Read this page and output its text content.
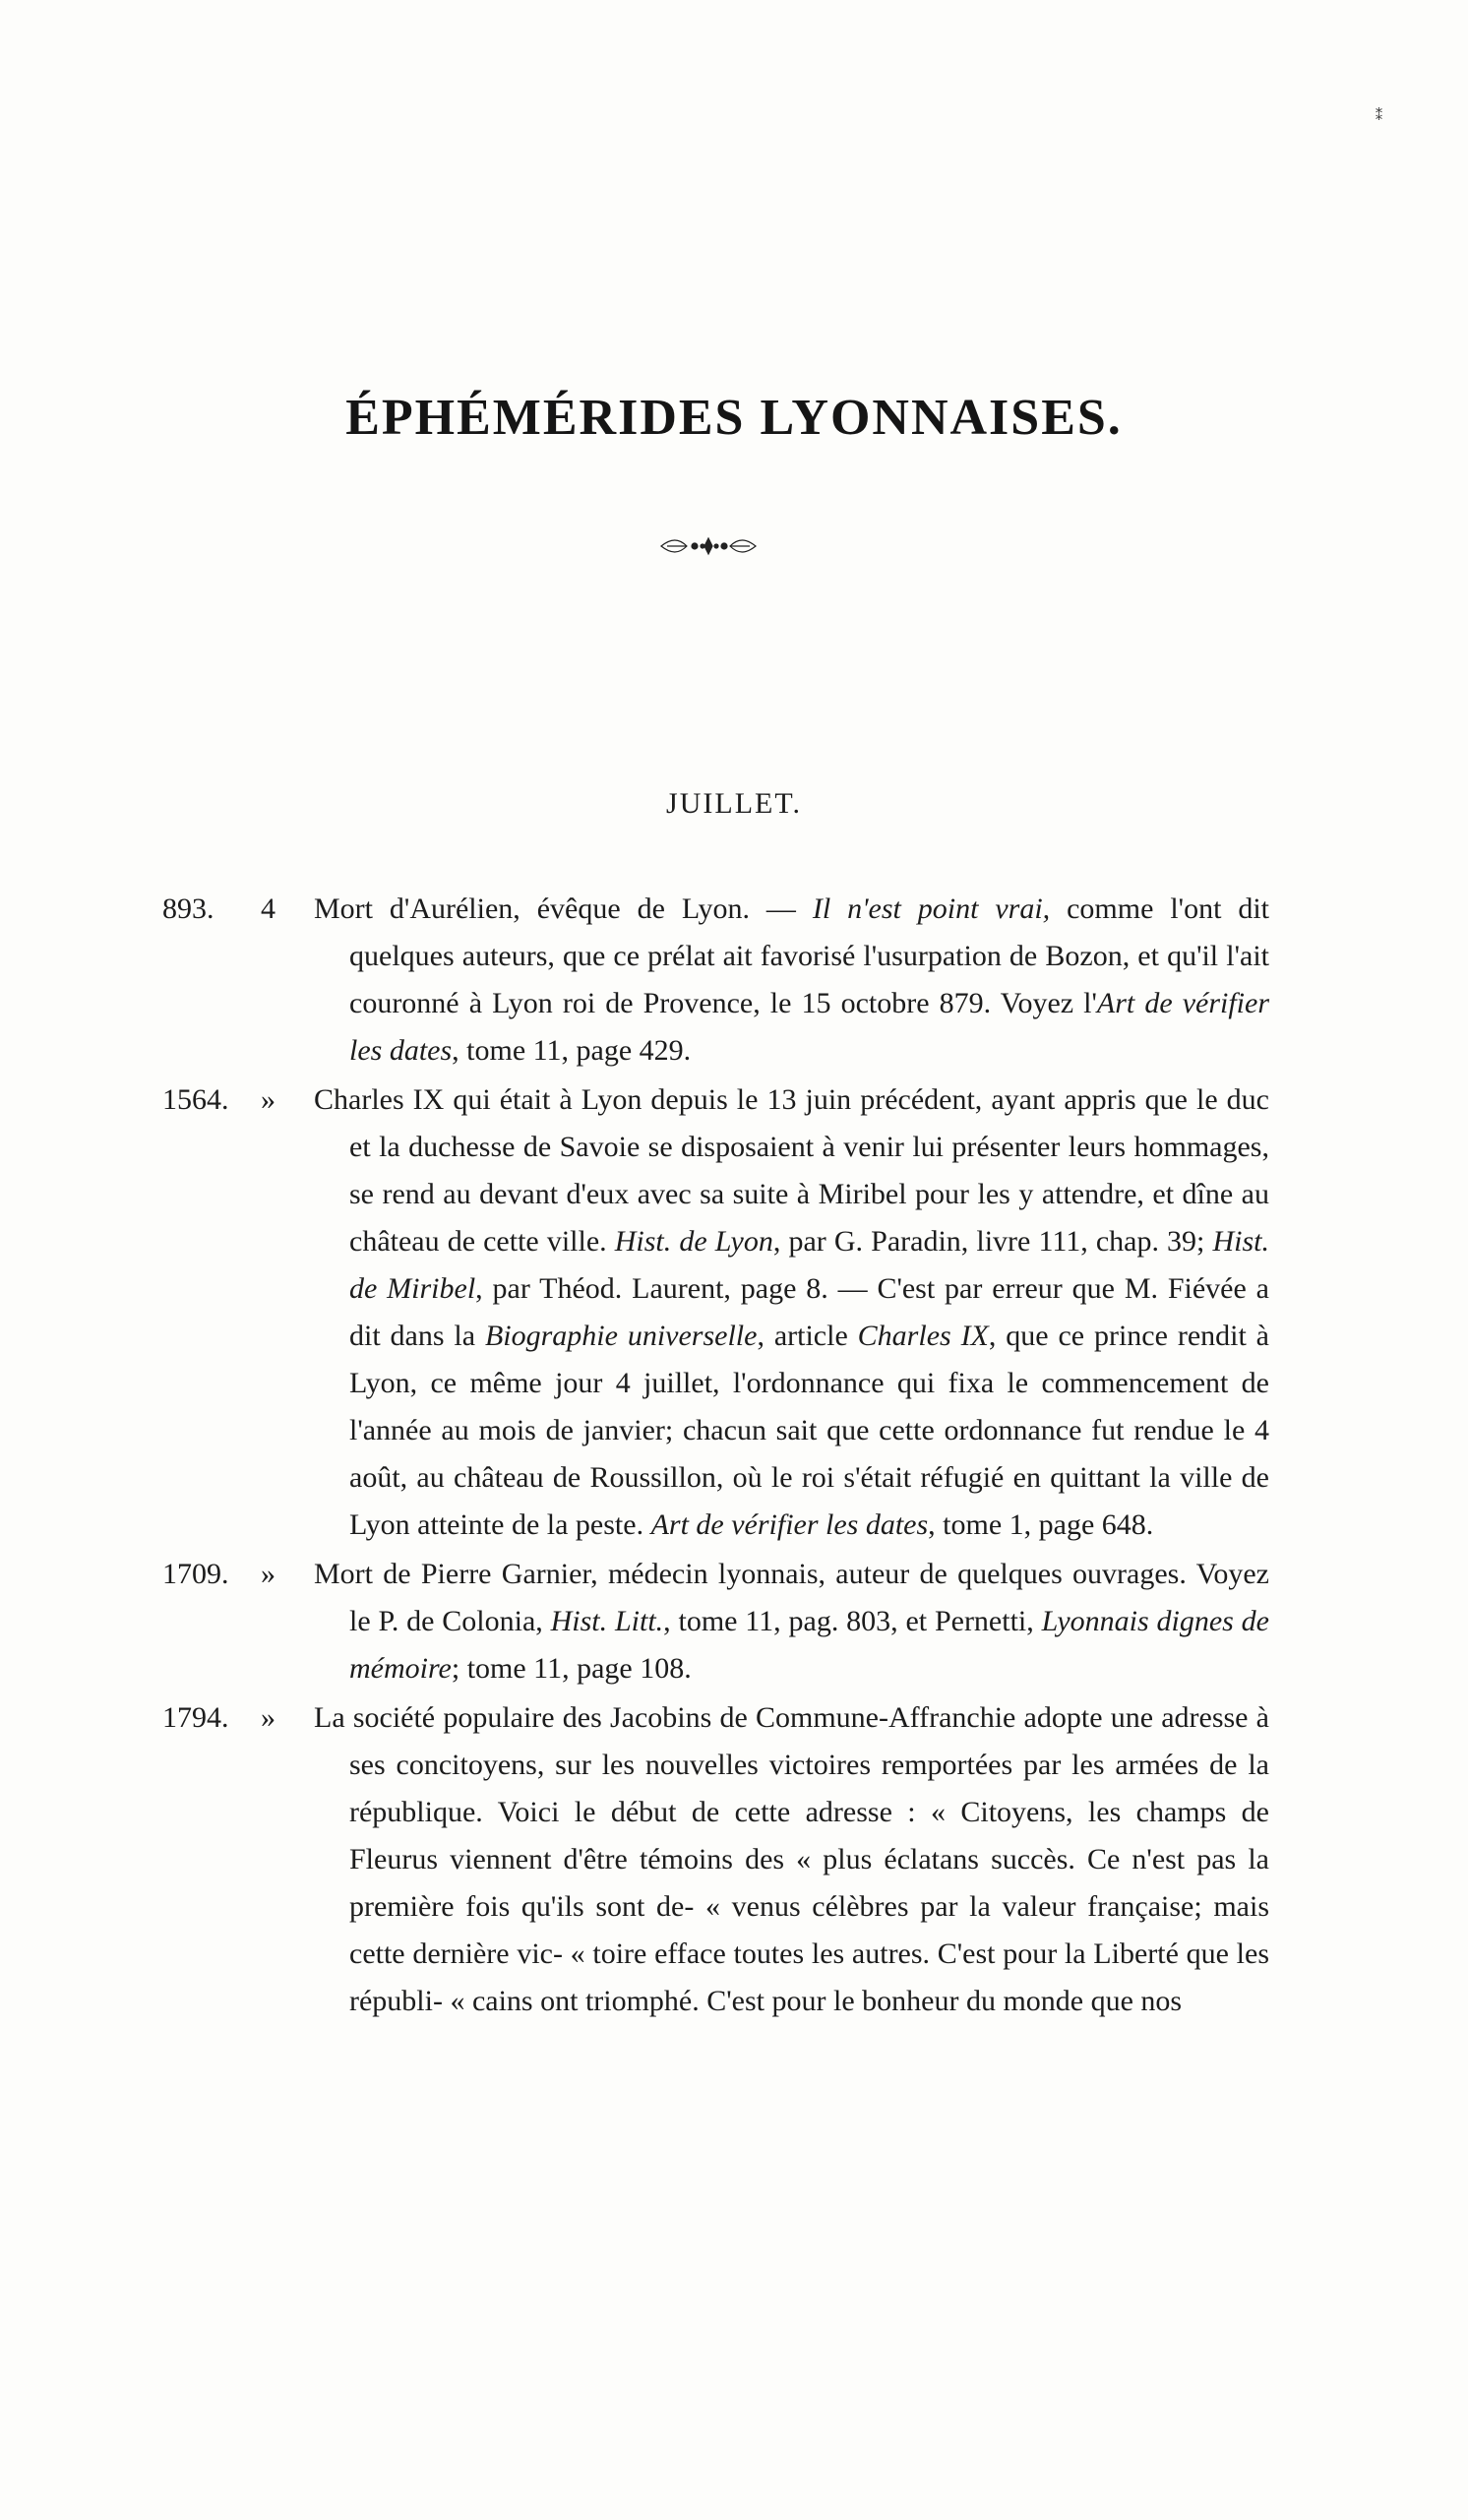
⁑
ÉPHÉMÉRIDES LYONNAISES.
JUILLET.
893.	4	Mort d'Aurélien, évêque de Lyon. — Il n'est point vrai, comme l'ont dit quelques auteurs, que ce prélat ait favorisé l'usurpation de Bozon, et qu'il l'ait couronné à Lyon roi de Provence, le 15 octobre 879. Voyez l'Art de vérifier les dates, tome 11, page 429.
1564.	»	Charles IX qui était à Lyon depuis le 13 juin précédent, ayant appris que le duc et la duchesse de Savoie se disposaient à venir lui présenter leurs hommages, se rend au devant d'eux avec sa suite à Miribel pour les y attendre, et dîne au château de cette ville. Hist. de Lyon, par G. Paradin, livre 111, chap. 39; Hist. de Miribel, par Théod. Laurent, page 8. — C'est par erreur que M. Fiévée a dit dans la Biographie universelle, article Charles IX, que ce prince rendit à Lyon, ce même jour 4 juillet, l'ordonnance qui fixa le commencement de l'année au mois de janvier; chacun sait que cette ordonnance fut rendue le 4 août, au château de Roussillon, où le roi s'était réfugié en quittant la ville de Lyon atteinte de la peste. Art de vérifier les dates, tome 1, page 648.
1709.	»	Mort de Pierre Garnier, médecin lyonnais, auteur de quelques ouvrages. Voyez le P. de Colonia, Hist. Litt., tome 11, pag. 803, et Pernetti, Lyonnais dignes de mémoire; tome 11, page 108.
1794.	»	La société populaire des Jacobins de Commune-Affranchie adopte une adresse à ses concitoyens, sur les nouvelles victoires remportées par les armées de la république. Voici le début de cette adresse : « Citoyens, les champs de Fleurus viennent d'être témoins des « plus éclatans succès. Ce n'est pas la première fois qu'ils sont de- « venus célèbres par la valeur française; mais cette dernière vic- « toire efface toutes les autres. C'est pour la Liberté que les républi- « cains ont triomphé. C'est pour le bonheur du monde que nos
